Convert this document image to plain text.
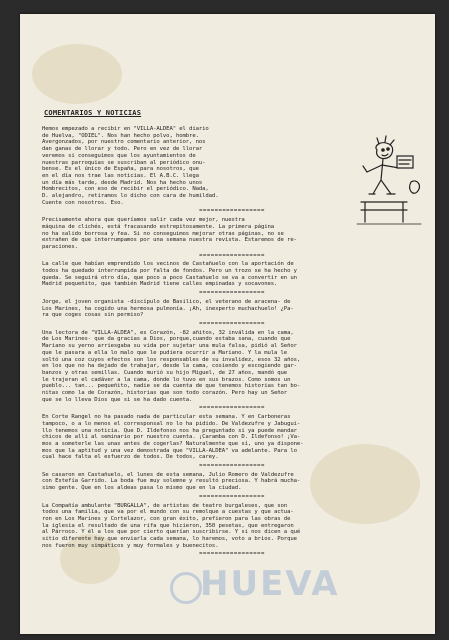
COMENTARIOS Y NOTICIAS

Hemos empezado a recibir en "VILLA-ALDEA" el diario

de Huelva, "ODIEL". Nos han hecho polvo, hombre.

Avergonzados, por nuestro comentario anterior, nos

dan ganas de llorar y todo. Pero en vez de llorar

veremos si conseguimos que los ayuntamientos de

nuestras parroquias se suscriban al periódico onu-

bense. Es el único de España, para nosotros, que

en el día nos trae las noticias. El A.B.C. llega

un día más tarde, desde Madrid. Nos ha hecho unos

Hombrecitos, con eso de recibir el periódico. Nada,

D. alejandro, retiramos lo dicho con cara de humildad.

Cuente con nosotros. Eso.

=================

Precisamente ahora que queríamos salir cada vez mejor, nuestra

máquina de clichés, está fracasando estrepitosamente. La primera página

no ha salido borrosa y fea. Si no conseguimos mejorar otras páginas, no se

extrañen de que interrumpamos por una semana nuestra revista. Estaremos de re-

paraciones.

=================

La calle que habían emprendido los vecinos de Castañuelo con la aportación de

todos ha quedado interrumpida por falta de fondos. Pero un trozo se ha hecho y

queda. Se seguirá otro día, que poco a poco Castañuelo se va a convertir en un

Madrid pequeñito, que también Madrid tiene calles empinadas y socavones.

=================

Jorge, el joven organista -discípulo de Basilico, el veterano de aracena- de

Los Marines, ha cogido una hermosa pulmonía. ¡Ah, inexperto muchachuelo! ¿Pa-

ra que coges cosas sin permiso?

=================

Una lectora de "VILLA-ALDEA", es Corazón, -82 añitos, 32 inválida en la cama,

de Los Marines- que da gracias a Dios, porque,cuando estaba sana, cuando que

Mariano su yerno arriesgaba su vida por sujetar una mula falsa, pidió al Señor

que le pasara a ella lo malo que le pudiera ocurrir a Mariano. Y la mula le

soltó una coz cuyos efectos son los responsables de su invalidez, esos 32 años,

en los que no ha dejado de trabajar, desde la cama, cosiendo y escogiendo gar-

banzos y otras semillas. Cuando murió su hijo Miguel, de 27 años, mandó que

le trajeran el cadáver a la cama, donde lo tuvo en sus brazos. Como somos un

pueblo... tan... pequeñito, nadie se da cuenta de que tenemos historias tan bo-

nitas como la de Corazón, historias que son todo corazón. Pero hay un Señor

que se lo lleva Dios que si se ha dado cuenta.

=================

En Corte Rangel no ha pasado nada de particular esta semana. Y en Carboneras

tampoco, o a lo menos el corresponsal no lo ha pidido. De Valdezufre y Jabugui-

llo tenemos una noticia. Que D. Ildefonso nos ha preguntado si ya puede mandar

chicos de allí al seminario por nuestro cuenta. ¡Caramba con D. Ildefonso! ¡Va-

mos a someterle las unas antes de cogerlas? Naturalmente que sí, uno ya dispone-

mos que la aptitud y una vez demostrada que "VILLA-ALDEA" va adelante. Para lo

cual hace falta el esfuerzo de todos. De todos, carey.

=================

Se casaron en Castañuelo, el lunes de esta semana, Julio Romero de Valdezufre

con Estefía Garrido. La boda fue muy solemne y resultó preciosa. Y habrá mucha-

simo gente. Que en los aldeas pasa lo mismo que en la ciudad.

=================

La Compañía ambulante "BURGALLA", de artistas de teatro burgaleses, que son

todos una familia, que va por el mundo con su remolque a cuestas y que actua-

ron en Los Marines y Cortelazor, con gran éxito, prefieron para las obras de

la iglesia el resultado de una rifa que hicieron, 350 pesetas, que entregaron

al Párroco. Y él a los que por cierto querían suscribirse. Y si nos dicen a qué

sitio diferente hay que enviarla cada semana, lo haremos, voto a brios. Porque

nos fueron muy simpáticos y muy formales y buenecitos.

=================
HUEVA
